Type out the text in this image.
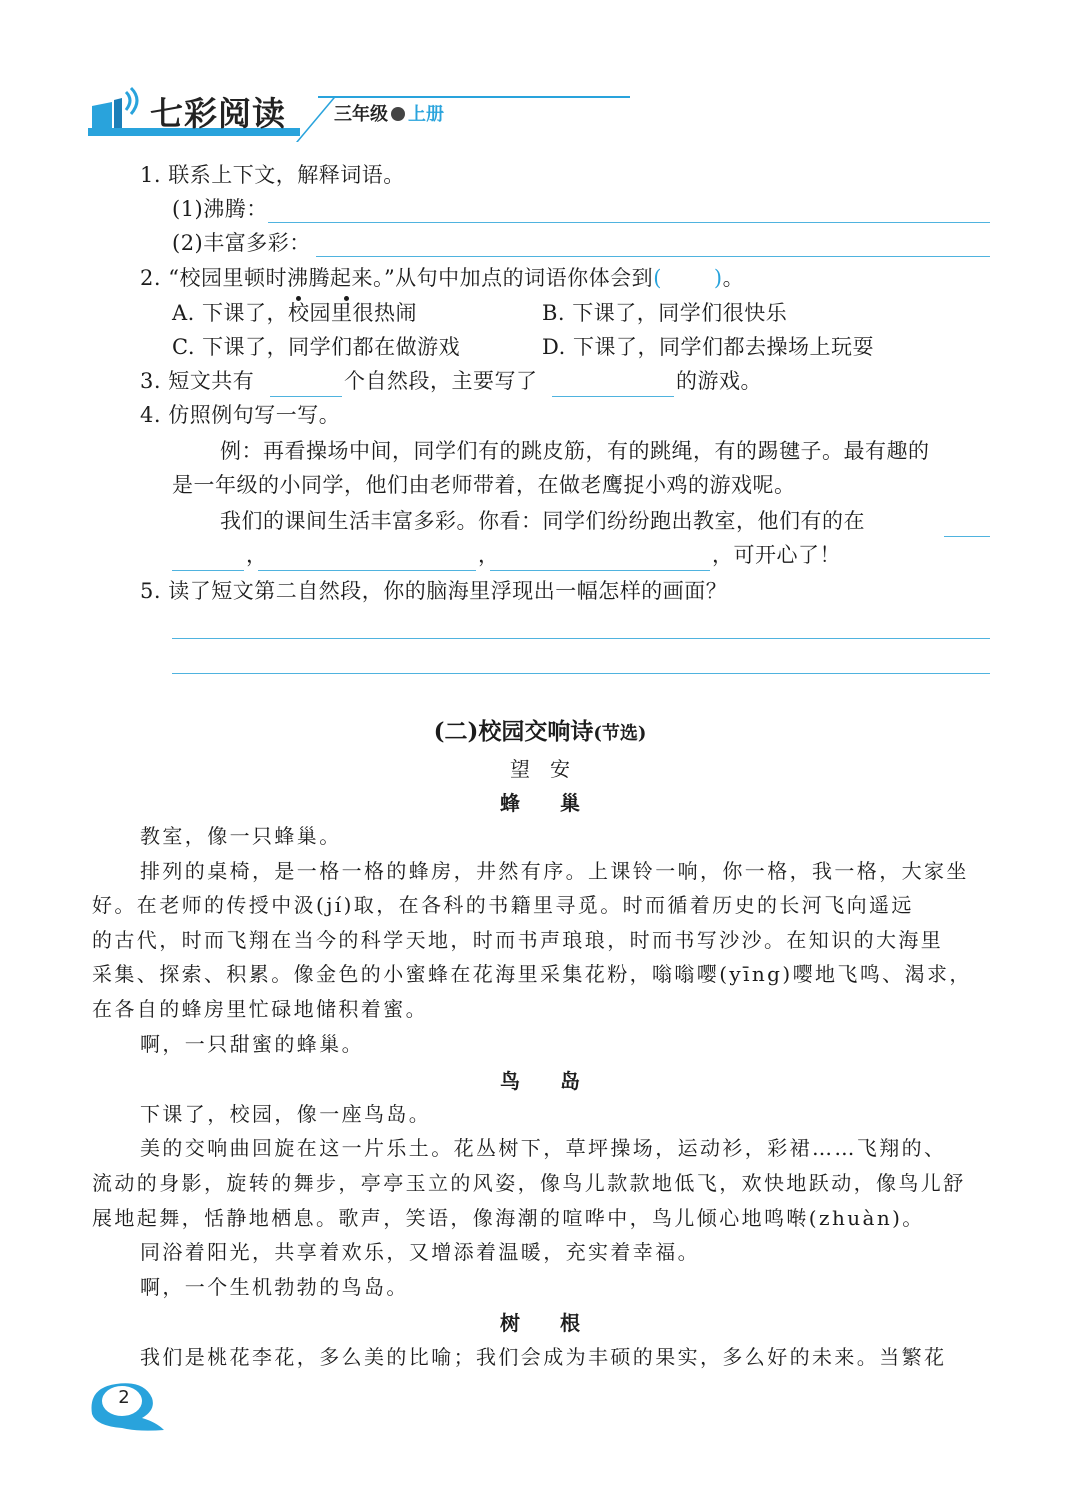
七彩阅读	三年级 上册
1. 联系上下文，解释词语。
(1)沸腾：
(2)丰富多彩：
2. “校园里顿时沸腾起来。”从句中加点的词语你体会到( )。
A. 下课了，校园里很热闹	B. 下课了，同学们很快乐
C. 下课了，同学们都在做游戏	D. 下课了，同学们都去操场上玩耍
3. 短文共有	个自然段，主要写了	的游戏。
4. 仿照例句写一写。
例：再看操场中间，同学们有的跳皮筋，有的跳绳，有的踢毽子。最有趣的
是一年级的小同学，他们由老师带着，在做老鹰捉小鸡的游戏呢。
我们的课间生活丰富多彩。你看：同学们纷纷跑出教室，他们有的在
，	，	，可开心了！
5. 读了短文第二自然段，你的脑海里浮现出一幅怎样的画面？
(二)校园交响诗(节选)
望　安
蜂　　巢
教室，像一只蜂巢。
排列的桌椅，是一格一格的蜂房，井然有序。上课铃一响，你一格，我一格，大家坐
好。在老师的传授中汲(jí)取，在各科的书籍里寻觅。时而循着历史的长河飞向遥远
的古代，时而飞翔在当今的科学天地，时而书声琅琅，时而书写沙沙。在知识的大海里
采集、探索、积累。像金色的小蜜蜂在花海里采集花粉，嗡嗡嘤(yīng)嘤地飞鸣、渴求，
在各自的蜂房里忙碌地储积着蜜。
啊，一只甜蜜的蜂巢。
鸟　　岛
下课了，校园，像一座鸟岛。
美的交响曲回旋在这一片乐土。花丛树下，草坪操场，运动衫，彩裙……飞翔的、
流动的身影，旋转的舞步，亭亭玉立的风姿，像鸟儿款款地低飞，欢快地跃动，像鸟儿舒
展地起舞，恬静地栖息。歌声，笑语，像海潮的喧哗中，鸟儿倾心地鸣啭(zhuàn)。
同浴着阳光，共享着欢乐，又增添着温暖，充实着幸福。
啊，一个生机勃勃的鸟岛。
树　　根
我们是桃花李花，多么美的比喻；我们会成为丰硕的果实，多么好的未来。当繁花
2
